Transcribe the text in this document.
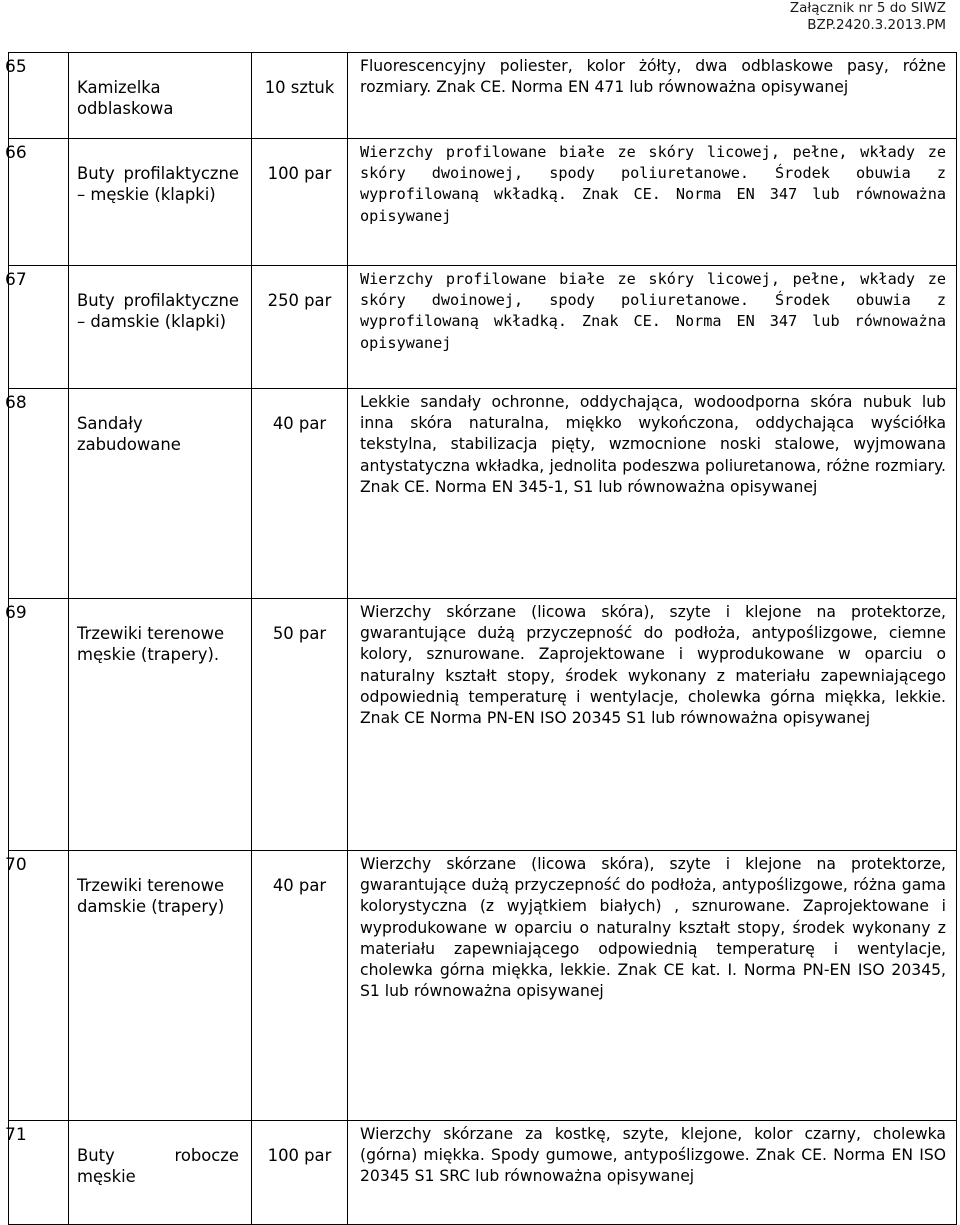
Załącznik nr 5 do SIWZ
BZP.2420.3.2013.PM
65	Kamizelka odblaskowa	10 sztuk	Fluorescencyjny poliester, kolor żółty, dwa odblaskowe pasy, różne rozmiary. Znak CE. Norma EN 471 lub równoważna opisywanej

66	Buty profilaktyczne – męskie (klapki)	100 par	Wierzchy profilowane białe ze skóry licowej, pełne, wkłady ze skóry dwoinowej, spody poliuretanowe. Środek obuwia z wyprofilowaną wkładką. Znak CE. Norma EN 347 lub równoważna opisywanej

67	Buty profilaktyczne – damskie (klapki)	250 par	Wierzchy profilowane białe ze skóry licowej, pełne, wkłady ze skóry dwoinowej, spody poliuretanowe. Środek obuwia z wyprofilowaną wkładką. Znak CE. Norma EN 347 lub równoważna opisywanej

68	Sandały zabudowane	40 par	Lekkie sandały ochronne, oddychająca, wodoodporna skóra nubuk lub inna skóra naturalna, miękko wykończona, oddychająca wyściółka tekstylna, stabilizacja pięty, wzmocnione noski stalowe, wyjmowana antystatyczna wkładka, jednolita podeszwa poliuretanowa, różne rozmiary. Znak CE. Norma EN 345-1, S1 lub równoważna opisywanej

69	Trzewiki terenowe męskie (trapery).	50 par	Wierzchy skórzane (licowa skóra), szyte i klejone na protektorze, gwarantujące dużą przyczepność do podłoża, antypoślizgowe, ciemne kolory, sznurowane. Zaprojektowane i wyprodukowane w oparciu o naturalny kształt stopy, środek wykonany z materiału zapewniającego odpowiednią temperaturę i wentylacje, cholewka górna miękka, lekkie. Znak CE Norma PN-EN ISO 20345 S1 lub równoważna opisywanej

70	Trzewiki terenowe damskie (trapery)	40 par	Wierzchy skórzane (licowa skóra), szyte i klejone na protektorze, gwarantujące dużą przyczepność do podłoża, antypoślizgowe, różna gama kolorystyczna (z wyjątkiem białych) , sznurowane. Zaprojektowane i wyprodukowane w oparciu o naturalny kształt stopy, środek wykonany z materiału zapewniającego odpowiednią temperaturę i wentylacje, cholewka górna miękka, lekkie. Znak CE kat. I. Norma PN-EN ISO 20345, S1 lub równoważna opisywanej

71	Buty robocze męskie	100 par	Wierzchy skórzane za kostkę, szyte, klejone, kolor czarny, cholewka (górna) miękka. Spody gumowe, antypoślizgowe. Znak CE. Norma EN ISO 20345 S1 SRC lub równoważna opisywanej
